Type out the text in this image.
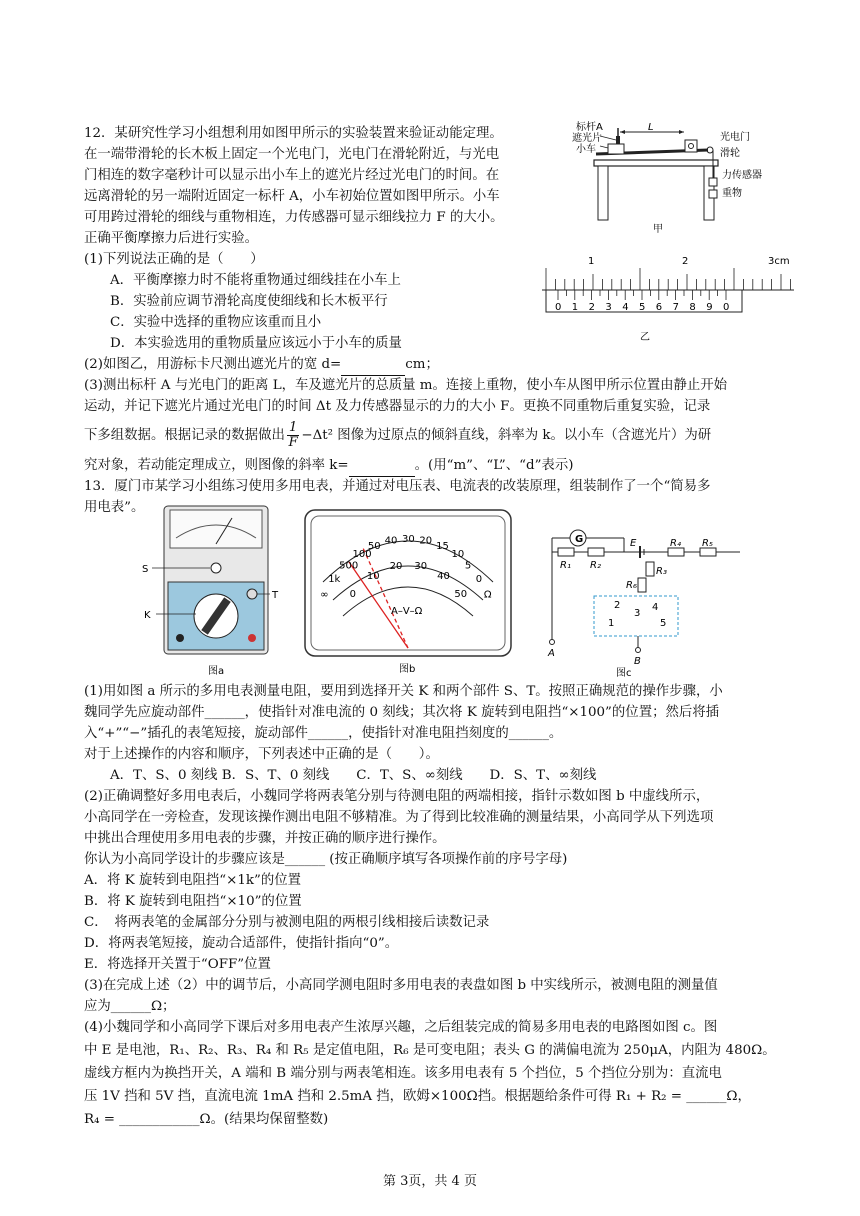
12．某研究性学习小组想利用如图甲所示的实验装置来验证动能定理。
在一端带滑轮的长木板上固定一个光电门，光电门在滑轮附近，与光电
门相连的数字毫秒计可以显示出小车上的遮光片经过光电门的时间。在
远离滑轮的另一端附近固定一标杆 A，小车初始位置如图甲所示。小车
可用跨过滑轮的细线与重物相连，力传感器可显示细线拉力 F 的大小。
正确平衡摩擦力后进行实验。
(1)下列说法正确的是（　　）
A．平衡摩擦力时不能将重物通过细线挂在小车上
B．实验前应调节滑轮高度使细线和长木板平行
C．实验中选择的重物应该重而且小
D．本实验选用的重物质量应该远小于小车的质量
(2)如图乙，用游标卡尺测出遮光片的宽 d=	cm；
(3)测出标杆 A 与光电门的距离 L，车及遮光片的总质量 m。连接上重物，使小车从图甲所示位置由静止开始
运动，并记下遮光片通过光电门的时间 Δt 及力传感器显示的力的大小 F。更换不同重物后重复实验，记录
下多组数据。根据记录的数据做出 $\frac{1}{F} -\Delta t^2$ 图像为过原点的倾斜直线，斜率为 k。以小车（含遮光片）为研
究对象，若动能定理成立，则图像的斜率 k=	。(用“m”、“L”、“d”表示)
标杆A
遮光片
小车
L
光电门
滑轮
力传感器
重物
甲
1	2	3cm
0 1 2 3 4 5 6 7 8 9 0
乙
13．厦门市某学习小组练习使用多用电表，并通过对电压表、电流表的改装原理，组装制作了一个“简易多
用电表”。
S
T
K
图a
∞
1k
500
100
50 40 30 20 15
10
5
0
Ω
0
10
20 30
40
50
A–V–Ω
图b
G
R₁ R₂
E	R₄ R₅
R₃
R₆
1
2
3
4
5
A
B
图c
(1)用如图 a 所示的多用电表测量电阻，要用到选择开关 K 和两个部件 S、T。按照正确规范的操作步骤，小
魏同学先应旋动部件______，使指针对准电流的 0 刻线；其次将 K 旋转到电阻挡“×100”的位置；然后将插
入“+”“−”插孔的表笔短接，旋动部件______，使指针对准电阻挡刻度的______。
对于上述操作的内容和顺序，下列表述中正确的是（　　）。
A．T、S、0 刻线 B．S、T、0 刻线　　C．T、S、∞刻线　　D．S、T、∞刻线
(2)正确调整好多用电表后，小魏同学将两表笔分别与待测电阻的两端相接，指针示数如图 b 中虚线所示，
小高同学在一旁检查，发现该操作测出电阻不够精准。为了得到比较准确的测量结果，小高同学从下列选项
中挑出合理使用多用电表的步骤，并按正确的顺序进行操作。
你认为小高同学设计的步骤应该是______ (按正确顺序填写各项操作前的序号字母)
A．将 K 旋转到电阻挡“×1k”的位置
B．将 K 旋转到电阻挡“×10”的位置
C．　将两表笔的金属部分分别与被测电阻的两根引线相接后读数记录
D．将两表笔短接，旋动合适部件，使指针指向“0”。
E．将选择开关置于“OFF”位置
(3)在完成上述（2）中的调节后，小高同学测电阻时多用电表的表盘如图 b 中实线所示，被测电阻的测量值
应为______Ω；
(4)小魏同学和小高同学下课后对多用电表产生浓厚兴趣，之后组装完成的简易多用电表的电路图如图 c。图
中 E 是电池，R₁、R₂、R₃、R₄ 和 R₅ 是定值电阻，R₆ 是可变电阻；表头 G 的满偏电流为 250μA，内阻为 480Ω。
虚线方框内为换挡开关，A 端和 B 端分别与两表笔相连。该多用电表有 5 个挡位，5 个挡位分别为：直流电
压 1V 挡和 5V 挡，直流电流 1mA 挡和 2.5mA 挡，欧姆×100Ω挡。根据题给条件可得 R₁ + R₂ = ______Ω，
R₄ = ____________Ω。(结果均保留整数)
第 3页，共 4 页
